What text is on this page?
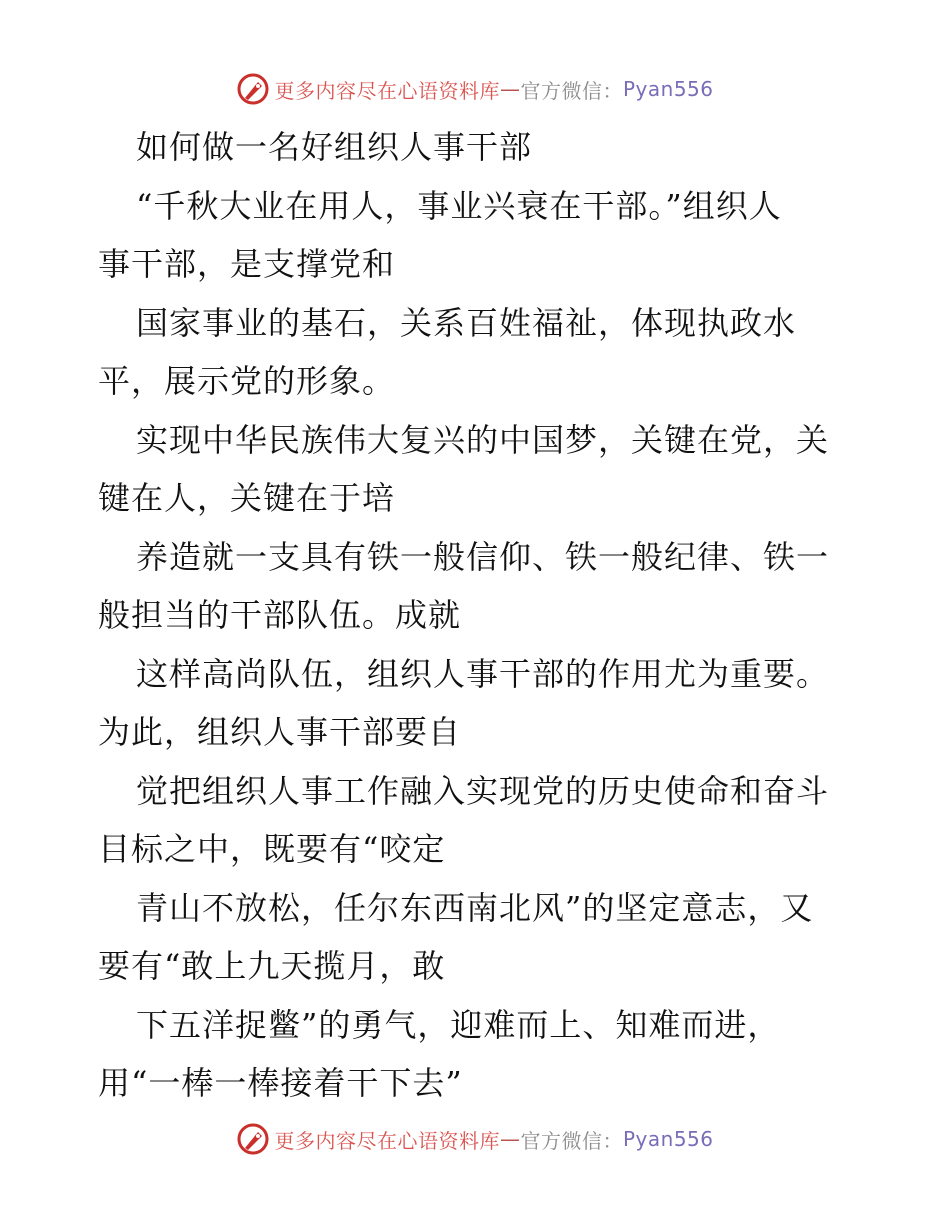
更多内容尽在心语资料库 — 官方微信： Pyan556
如何做一名好组织人事干部
“千秋大业在用人，事业兴衰在干部。”组织人
事干部，是支撑党和
国家事业的基石，关系百姓福祉，体现执政水
平，展示党的形象。
实现中华民族伟大复兴的中国梦，关键在党，关
键在人，关键在于培
养造就一支具有铁一般信仰、铁一般纪律、铁一
般担当的干部队伍。成就
这样高尚队伍，组织人事干部的作用尤为重要。
为此，组织人事干部要自
觉把组织人事工作融入实现党的历史使命和奋斗
目标之中，既要有“咬定
青山不放松，任尔东西南北风”的坚定意志，又
要有“敢上九天揽月，敢
下五洋捉鳖”的勇气，迎难而上、知难而进，
用“一棒一棒接着干下去”
更多内容尽在心语资料库 — 官方微信： Pyan556
